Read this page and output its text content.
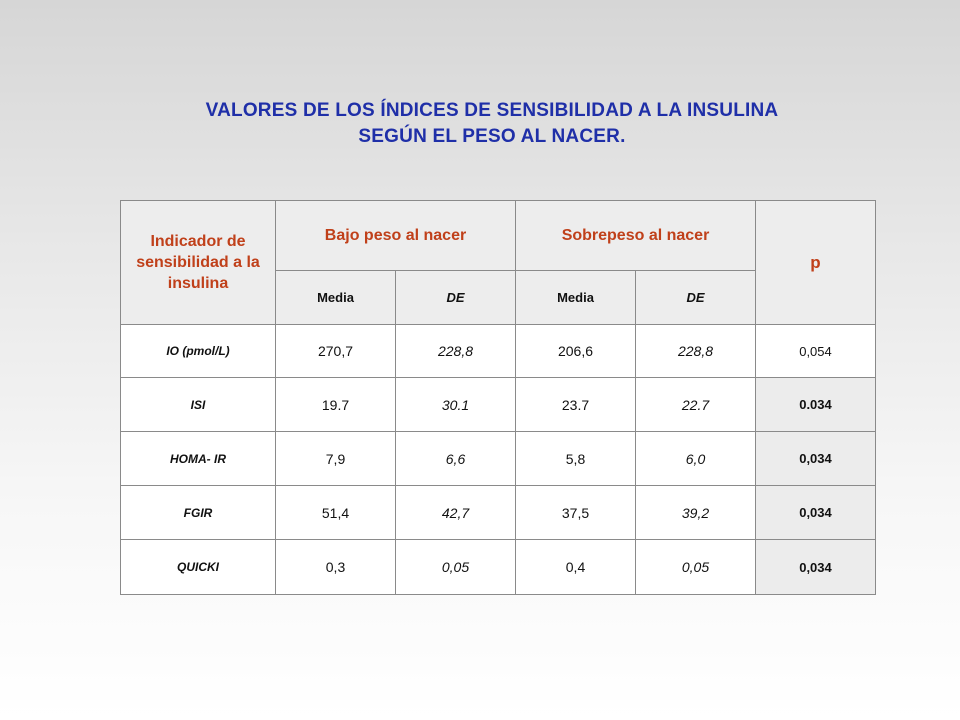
VALORES DE LOS ÍNDICES DE SENSIBILIDAD A LA INSULINA
SEGÚN EL PESO AL NACER.
Indicador de sensibilidad a la insulina	Bajo peso al nacer		Sobrepeso al nacer		p
	Media	DE	Media	DE	
IO (pmol/L)	270,7	228,8	206,6	228,8	0,054
ISI	19.7	30.1	23.7	22.7	0.034
HOMA- IR	7,9	6,6	5,8	6,0	0,034
FGIR	51,4	42,7	37,5	39,2	0,034
QUICKI	0,3	0,05	0,4	0,05	0,034
